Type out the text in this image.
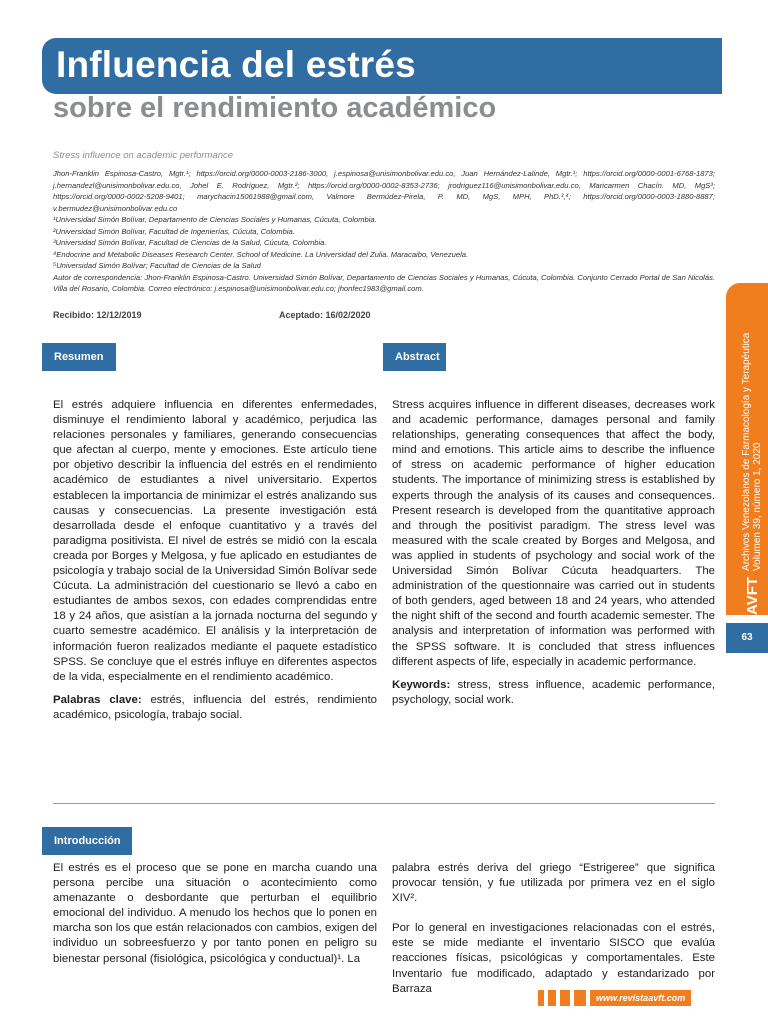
Influencia del estrés
sobre el rendimiento académico
Stress influence on academic performance

Jhon-Franklin Espinosa-Castro, Mgtr.¹; https://orcid.org/0000-0003-2186-3000, j.espinosa@unisimonbolivar.edu.co, Juan Hernández-Lalinde, Mgtr.¹; https://orcid.org/0000-0001-6768-1873; j.hernandezl@unisimonbolivar.edu.co, Johel E. Rodríguez, Mgtr.²; https://orcid.org/0000-0002-8353-2736; jrodriguez116@unisimonbolivar.edu.co, Maricarmen Chacín. MD, MgS³; https://orcid.org/0000-0002-5208-9401; marychacin15061988@gmail.com, Valmore Bermúdez-Pirela, P. MD, MgS, MPH, PhD.³,⁴; https://orcid.org/0000-0003-1880-8887; v.bermudez@unisimonbolivar.edu.co

¹Universidad Simón Bolívar, Departamento de Ciencias Sociales y Humanas, Cúcuta, Colombia.

²Universidad Simón Bolívar, Facultad de Ingenierías, Cúcuta, Colombia.

³Universidad Simón Bolívar, Facultad de Ciencias de la Salud, Cúcuta, Colombia.

⁴Endocrine and Metabolic Diseases Research Center. School of Medicine. La Universidad del Zulia. Maracaibo, Venezuela.

⁵Universidad Simón Bolívar; Facultad de Ciencias de la Salud

Autor de correspondencia: Jhon-Franklin Espinosa-Castro. Universidad Simón Bolívar, Departamento de Ciencias Sociales y Humanas, Cúcuta, Colombia. Conjunto Cerrado Portal de San Nicolás. Villa del Rosario, Colombia. Correo electrónico: j.espinosa@unisimonbolivar.edu.co; jhonfec1983@gmail.com.

Recibido: 12/12/2019	Aceptado: 16/02/2020
Resumen	Abstract

El estrés adquiere influencia en diferentes enfermedades, disminuye el rendimiento laboral y académico, perjudica las relaciones personales y familiares, generando consecuencias que afectan al cuerpo, mente y emociones. Este artículo tiene por objetivo describir la influencia del estrés en el rendimiento académico de estudiantes a nivel universitario. Expertos establecen la importancia de minimizar el estrés analizando sus causas y consecuencias. La presente investigación está desarrollada desde el enfoque cuantitativo y a través del paradigma positivista. El nivel de estrés se midió con la escala creada por Borges y Melgosa, y fue aplicado en estudiantes de psicología y trabajo social de la Universidad Simón Bolívar sede Cúcuta. La administración del cuestionario se llevó a cabo en estudiantes de ambos sexos, con edades comprendidas entre 18 y 24 años, que asistían a la jornada nocturna del segundo y cuarto semestre académico. El análisis y la interpretación de información fueron realizados mediante el paquete estadístico SPSS. Se concluye que el estrés influye en diferentes aspectos de la vida, especialmente en el rendimiento académico.

Palabras clave: estrés, influencia del estrés, rendimiento académico, psicología, trabajo social.

Stress acquires influence in different diseases, decreases work and academic performance, damages personal and family relationships, generating consequences that affect the body, mind and emotions. This article aims to describe the influence of stress on academic performance of higher education students. The importance of minimizing stress is established by experts through the analysis of its causes and consequences. Present research is developed from the quantitative approach and through the positivist paradigm. The stress level was measured with the scale created by Borges and Melgosa, and was applied in students of psychology and social work of the Universidad Simón Bolívar Cúcuta headquarters. The administration of the questionnaire was carried out in students of both genders, aged between 18 and 24 years, who attended the night shift of the second and fourth academic semester. The analysis and interpretation of information was performed with the SPSS software. It is concluded that stress influences different aspects of life, especially in academic performance.

Keywords: stress, stress influence, academic performance, psychology, social work.

Introducción

El estrés es el proceso que se pone en marcha cuando una persona percibe una situación o acontecimiento como amenazante o desbordante que perturban el equilibrio emocional del individuo. A menudo los hechos que lo ponen en marcha son los que están relacionados con cambios, exigen del individuo un sobreesfuerzo y por tanto ponen en peligro su bienestar personal (fisiológica, psicológica y conductual)¹. La

palabra estrés deriva del griego “Estrigeree” que significa provocar tensión, y fue utilizada por primera vez en el siglo XIV².

Por lo general en investigaciones relacionadas con el estrés, este se mide mediante el inventario SISCO que evalúa reacciones físicas, psicológicas y comportamentales. Este Inventario fue modificado, adaptado y estandarizado por Barraza

AVFT
Archivos Venezolanos de Farmacología y Terapéutica Volumen 39, número 1, 2020
63
www.revistaavft.com
